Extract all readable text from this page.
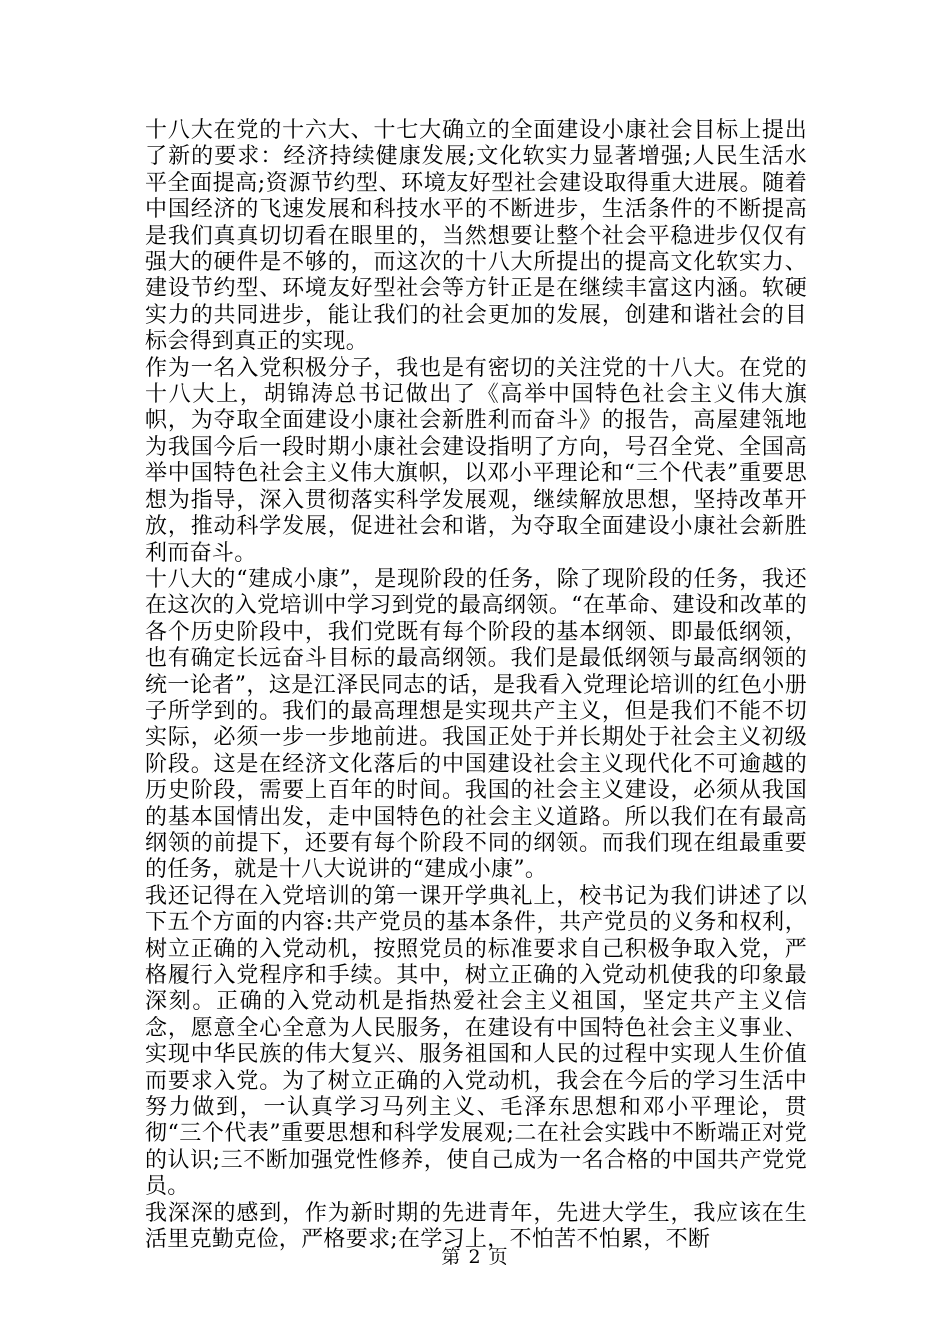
十八大在党的十六大、十七大确立的全面建设小康社会目标上提出了新的要求：经济持续健康发展;文化软实力显著增强;人民生活水平全面提高;资源节约型、环境友好型社会建设取得重大进展。随着中国经济的飞速发展和科技水平的不断进步，生活条件的不断提高是我们真真切切看在眼里的，当然想要让整个社会平稳进步仅仅有强大的硬件是不够的，而这次的十八大所提出的提高文化软实力、建设节约型、环境友好型社会等方针正是在继续丰富这内涵。软硬实力的共同进步，能让我们的社会更加的发展，创建和谐社会的目标会得到真正的实现。

作为一名入党积极分子，我也是有密切的关注党的十八大。在党的十八大上，胡锦涛总书记做出了《高举中国特色社会主义伟大旗帜，为夺取全面建设小康社会新胜利而奋斗》的报告，高屋建瓴地为我国今后一段时期小康社会建设指明了方向，号召全党、全国高举中国特色社会主义伟大旗帜，以邓小平理论和“三个代表”重要思想为指导，深入贯彻落实科学发展观，继续解放思想，坚持改革开放，推动科学发展，促进社会和谐，为夺取全面建设小康社会新胜利而奋斗。

十八大的“建成小康”，是现阶段的任务，除了现阶段的任务，我还在这次的入党培训中学习到党的最高纲领。“在革命、建设和改革的各个历史阶段中，我们党既有每个阶段的基本纲领、即最低纲领，也有确定长远奋斗目标的最高纲领。我们是最低纲领与最高纲领的统一论者”，这是江泽民同志的话，是我看入党理论培训的红色小册子所学到的。我们的最高理想是实现共产主义，但是我们不能不切实际，必须一步一步地前进。我国正处于并长期处于社会主义初级阶段。这是在经济文化落后的中国建设社会主义现代化不可逾越的历史阶段，需要上百年的时间。我国的社会主义建设，必须从我国的基本国情出发，走中国特色的社会主义道路。所以我们在有最高纲领的前提下，还要有每个阶段不同的纲领。而我们现在组最重要的任务，就是十八大说讲的“建成小康”。

我还记得在入党培训的第一课开学典礼上，校书记为我们讲述了以下五个方面的内容:共产党员的基本条件，共产党员的义务和权利，树立正确的入党动机，按照党员的标准要求自己积极争取入党，严格履行入党程序和手续。其中，树立正确的入党动机使我的印象最深刻。正确的入党动机是指热爱社会主义祖国，坚定共产主义信念，愿意全心全意为人民服务，在建设有中国特色社会主义事业、实现中华民族的伟大复兴、服务祖国和人民的过程中实现人生价值而要求入党。为了树立正确的入党动机，我会在今后的学习生活中努力做到，一认真学习马列主义、毛泽东思想和邓小平理论，贯彻“三个代表”重要思想和科学发展观;二在社会实践中不断端正对党的认识;三不断加强党性修养，使自己成为一名合格的中国共产党党员。

我深深的感到，作为新时期的先进青年，先进大学生，我应该在生活里克勤克俭，严格要求;在学习上，不怕苦不怕累，不断

第 2 页
